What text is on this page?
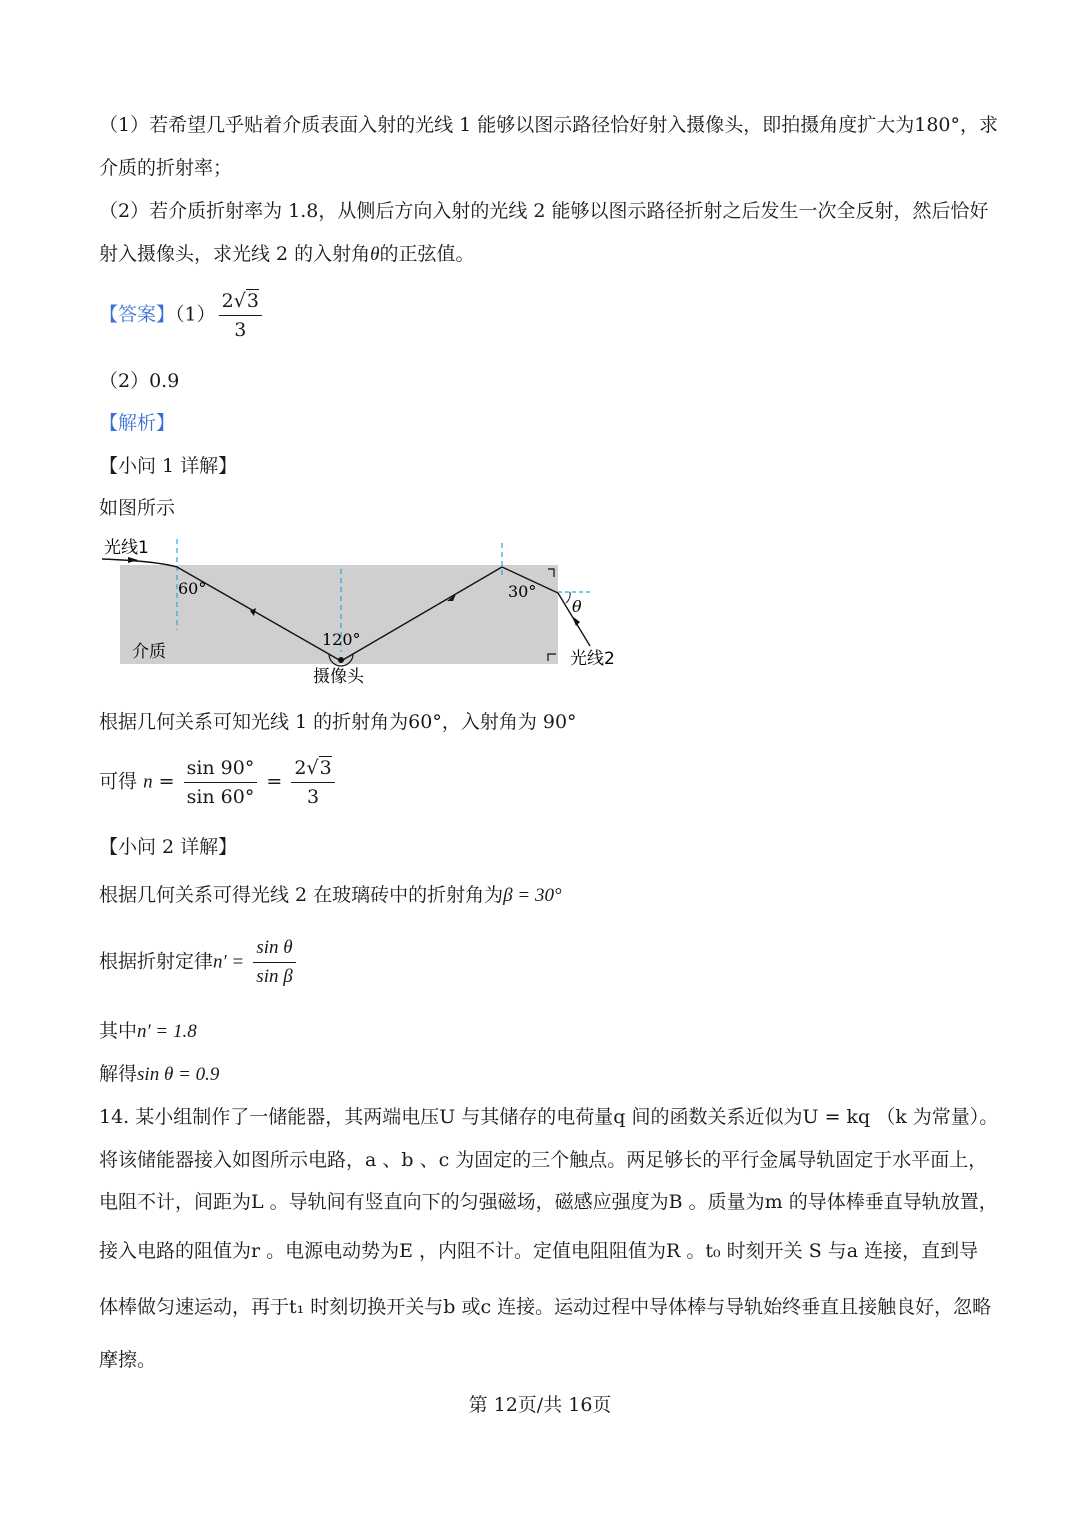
（1）若希望几乎贴着介质表面入射的光线 1 能够以图示路径恰好射入摄像头，即拍摄角度扩大为180°，求
介质的折射率；
（2）若介质折射率为 1.8，从侧后方向入射的光线 2 能够以图示路径折射之后发生一次全反射，然后恰好
射入摄像头，求光线 2 的入射角θ的正弦值。
【答案】$(1) \frac{2√3}{3}$
（2）0.9
【解析】
【小问 1 详解】
如图所示
光线1
60°
120°
30°
θ
介质
摄像头
光线2
根据几何关系可知光线 1 的折射角为60°，入射角为 90°
可得 $n = \frac{\sin 90^\circ}{\sin 60^\circ} = \frac{2√3}{3}$
【小问 2 详解】
根据几何关系可得光线 2 在玻璃砖中的折射角为β = 30°
根据折射定律$n' = \frac{\text{sin θ}}{\text{sin β}}$
其中n′ = 1.8
解得sin θ = 0.9
14. 某小组制作了一储能器，其两端电压U 与其储存的电荷量q 间的函数关系近似为U = kq （k 为常量）。
将该储能器接入如图所示电路，a 、b 、c 为固定的三个触点。两足够长的平行金属导轨固定于水平面上，
电阻不计，间距为L 。导轨间有竖直向下的匀强磁场，磁感应强度为B 。质量为m 的导体棒垂直导轨放置，
接入电路的阻值为r 。电源电动势为E ，内阻不计。定值电阻阻值为R 。t₀ 时刻开关 S 与a 连接，直到导
体棒做匀速运动，再于t₁ 时刻切换开关与b 或c 连接。运动过程中导体棒与导轨始终垂直且接触良好，忽略
摩擦。
第 12页/共 16页
